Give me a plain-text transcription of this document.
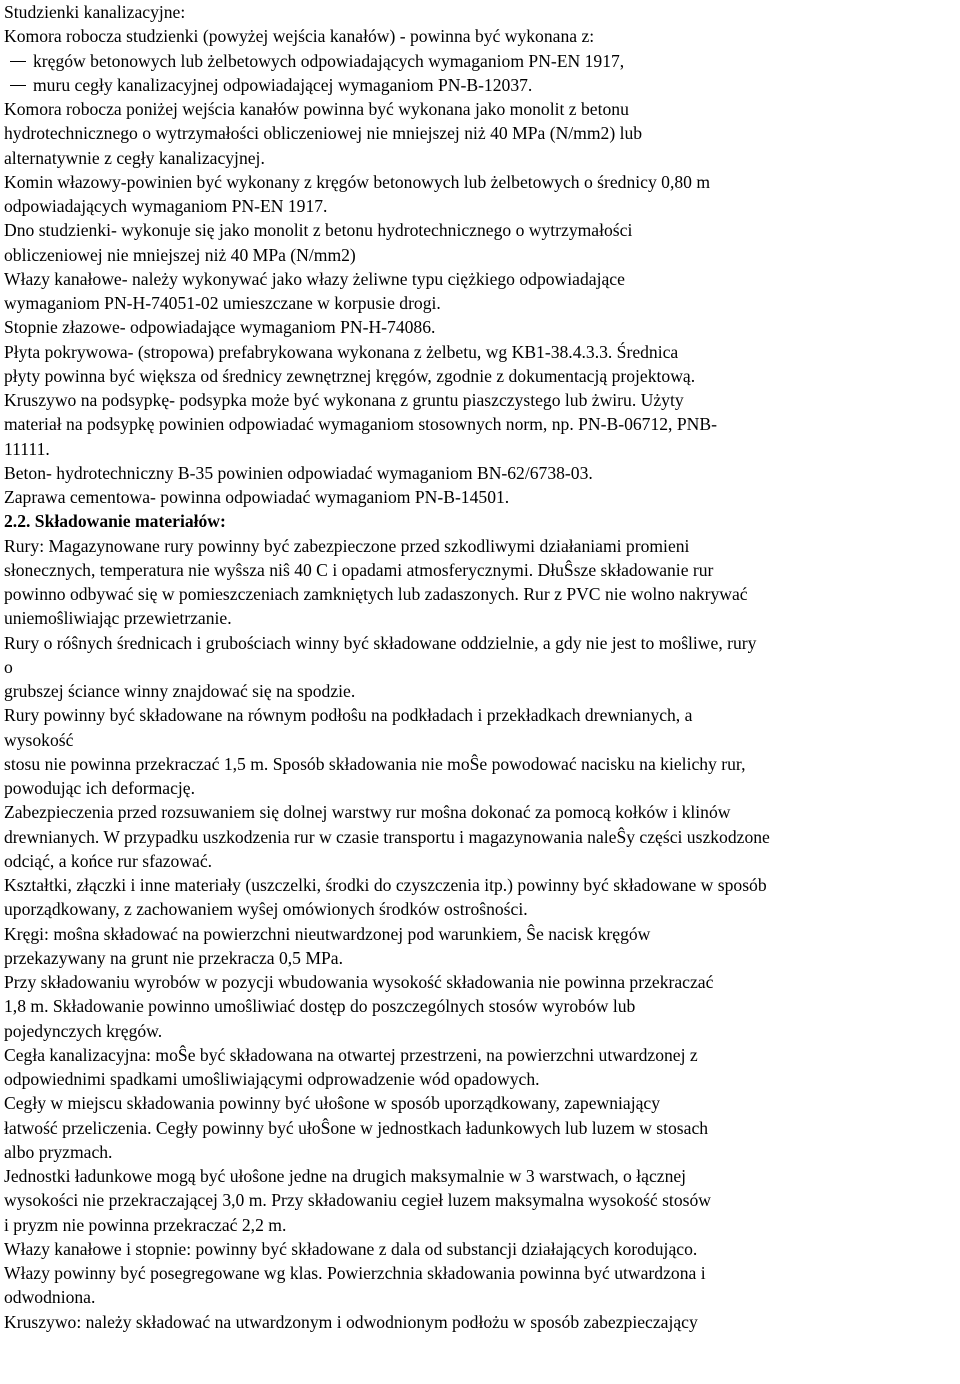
Studzienki kanalizacyjne:

Komora robocza studzienki (powyżej wejścia kanałów) - powinna być wykonana z:

kręgów betonowych lub żelbetowych odpowiadających wymaganiom PN-EN 1917,

muru cegły kanalizacyjnej odpowiadającej wymaganiom PN-B-12037.

Komora robocza poniżej wejścia kanałów powinna być wykonana jako monolit z betonu

hydrotechnicznego o wytrzymałości obliczeniowej nie mniejszej niż 40 MPa (N/mm2) lub

alternatywnie z cegły kanalizacyjnej.

Komin włazowy-powinien być wykonany z kręgów betonowych lub żelbetowych o średnicy 0,80 m

odpowiadających wymaganiom PN-EN 1917.

Dno studzienki- wykonuje się jako monolit z betonu hydrotechnicznego o wytrzymałości

obliczeniowej nie mniejszej niż 40 MPa (N/mm2)

Włazy kanałowe- należy wykonywać jako włazy żeliwne typu ciężkiego odpowiadające

wymaganiom PN-H-74051-02 umieszczane w korpusie drogi.

Stopnie złazowe- odpowiadające wymaganiom PN-H-74086.

Płyta pokrywowa- (stropowa) prefabrykowana wykonana z żelbetu, wg KB1-38.4.3.3. Średnica

płyty powinna być większa od średnicy zewnętrznej kręgów, zgodnie z dokumentacją projektową.

Kruszywo na podsypkę- podsypka może być wykonana z gruntu piaszczystego lub żwiru. Użyty

materiał na podsypkę powinien odpowiadać wymaganiom stosownych norm, np. PN-B-06712, PNB-

11111.

Beton- hydrotechniczny B-35 powinien odpowiadać wymaganiom BN-62/6738-03.

Zaprawa cementowa- powinna odpowiadać wymaganiom PN-B-14501.

2.2. Składowanie materiałów:

Rury: Magazynowane rury powinny być zabezpieczone przed szkodliwymi działaniami promieni

słonecznych, temperatura nie wyŝsza niŝ 40 C i opadami atmosferycznymi. DłuŜsze składowanie rur

powinno odbywać się w pomieszczeniach zamkniętych lub zadaszonych. Rur z PVC nie wolno nakrywać

uniemoŝliwiając przewietrzanie.

Rury o róŝnych średnicach i grubościach winny być składowane oddzielnie, a gdy nie jest to moŝliwe, rury

o

grubszej ściance winny znajdować się na spodzie.

Rury powinny być składowane na równym podłoŝu na podkładach i przekładkach drewnianych, a

wysokość

stosu nie powinna przekraczać 1,5 m. Sposób składowania nie moŜe powodować nacisku na kielichy rur,

powodując ich deformację.

Zabezpieczenia przed rozsuwaniem się dolnej warstwy rur moŝna dokonać za pomocą kołków i klinów

drewnianych. W przypadku uszkodzenia rur w czasie transportu i magazynowania naleŜy części uszkodzone

odciąć, a końce rur sfazować.

Kształtki, złączki i inne materiały (uszczelki, środki do czyszczenia itp.) powinny być składowane w sposób

uporządkowany, z zachowaniem wyŝej omówionych środków ostroŝności.

Kręgi: moŝna składować na powierzchni nieutwardzonej pod warunkiem, Ŝe nacisk kręgów

przekazywany na grunt nie przekracza 0,5 MPa.

Przy składowaniu wyrobów w pozycji wbudowania wysokość składowania nie powinna przekraczać

1,8 m. Składowanie powinno umoŝliwiać dostęp do poszczególnych stosów wyrobów lub

pojedynczych kręgów.

Cegła kanalizacyjna: moŜe być składowana na otwartej przestrzeni, na powierzchni utwardzonej z

odpowiednimi spadkami umoŝliwiającymi odprowadzenie wód opadowych.

Cegły w miejscu składowania powinny być ułoŝone w sposób uporządkowany, zapewniający

łatwość przeliczenia. Cegły powinny być ułoŜone w jednostkach ładunkowych lub luzem w stosach

albo pryzmach.

Jednostki ładunkowe mogą być ułoŝone jedne na drugich maksymalnie w 3 warstwach, o łącznej

wysokości nie przekraczającej 3,0 m. Przy składowaniu cegieł luzem maksymalna wysokość stosów

i pryzm nie powinna przekraczać 2,2 m.

Włazy kanałowe i stopnie: powinny być składowane z dala od substancji działających korodująco.

Włazy powinny być posegregowane wg klas. Powierzchnia składowania powinna być utwardzona i

odwodniona.

Kruszywo: należy składować na utwardzonym i odwodnionym podłożu w sposób zabezpieczający
